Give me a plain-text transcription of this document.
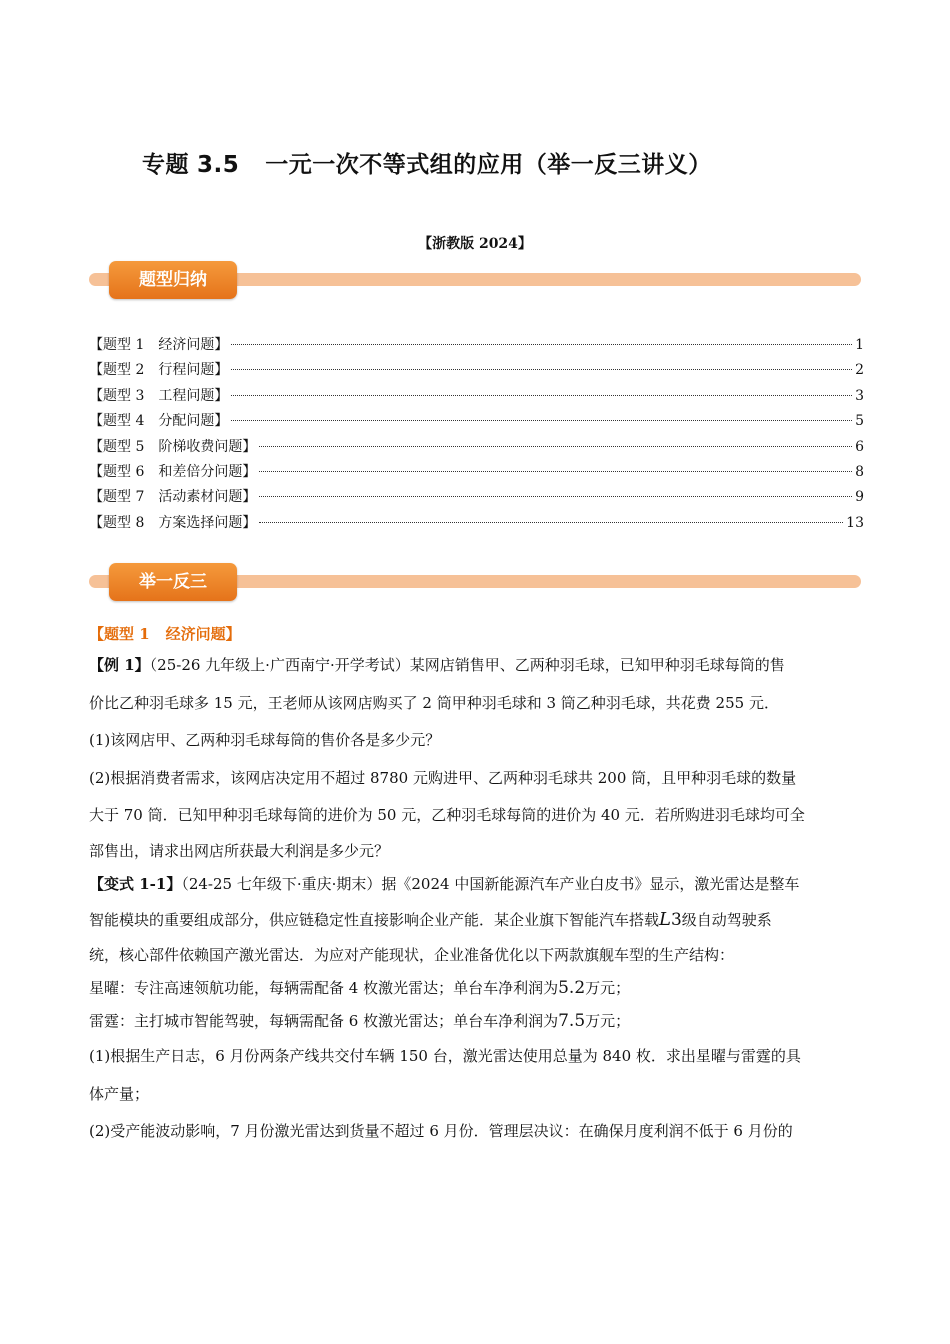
专题 3.5 一元一次不等式组的应用（举一反三讲义）
【浙教版 2024】
题型归纳
【题型 1　经济问题】	1
【题型 2　行程问题】	2
【题型 3　工程问题】	3
【题型 4　分配问题】	5
【题型 5　阶梯收费问题】	6
【题型 6　和差倍分问题】	8
【题型 7　活动素材问题】	9
【题型 8　方案选择问题】	13
举一反三
【题型 1 经济问题】

【例 1】（25-26 九年级上·广西南宁·开学考试）某网店销售甲、乙两种羽毛球，已知甲种羽毛球每筒的售

价比乙种羽毛球多 15 元，王老师从该网店购买了 2 筒甲种羽毛球和 3 筒乙种羽毛球，共花费 255 元．

(1)该网店甲、乙两种羽毛球每筒的售价各是多少元？

(2)根据消费者需求，该网店决定用不超过 8780 元购进甲、乙两种羽毛球共 200 筒，且甲种羽毛球的数量

大于 70 筒．已知甲种羽毛球每筒的进价为 50 元，乙种羽毛球每筒的进价为 40 元．若所购进羽毛球均可全

部售出，请求出网店所获最大利润是多少元？

【变式 1-1】（24-25 七年级下·重庆·期末）据《2024 中国新能源汽车产业白皮书》显示，激光雷达是整车

智能模块的重要组成部分，供应链稳定性直接影响企业产能．某企业旗下智能汽车搭载L3级自动驾驶系

统，核心部件依赖国产激光雷达．为应对产能现状，企业准备优化以下两款旗舰车型的生产结构：

星曜：专注高速领航功能，每辆需配备 4 枚激光雷达；单台车净利润为5.2万元；

雷霆：主打城市智能驾驶，每辆需配备 6 枚激光雷达；单台车净利润为7.5万元；

(1)根据生产日志，6 月份两条产线共交付车辆 150 台，激光雷达使用总量为 840 枚．求出星曜与雷霆的具

体产量；

(2)受产能波动影响，7 月份激光雷达到货量不超过 6 月份．管理层决议：在确保月度利润不低于 6 月份的
